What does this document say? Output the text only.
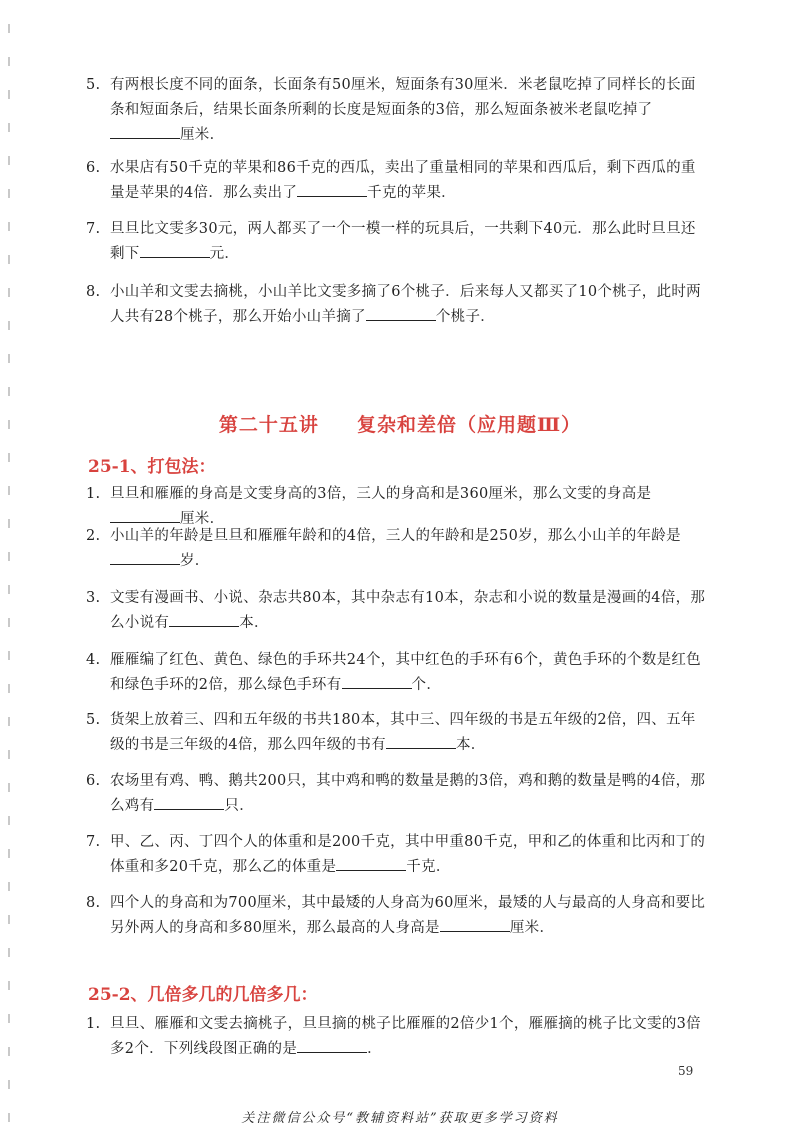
5. 有两根长度不同的面条，长面条有50厘米，短面条有30厘米．米老鼠吃掉了同样长的长面条和短面条后，结果长面条所剩的长度是短面条的3倍，那么短面条被米老鼠吃掉了厘米．
6. 水果店有50千克的苹果和86千克的西瓜，卖出了重量相同的苹果和西瓜后，剩下西瓜的重量是苹果的4倍．那么卖出了	千克的苹果．
7. 旦旦比文雯多30元，两人都买了一个一模一样的玩具后，一共剩下40元．那么此时旦旦还剩下	元．
8. 小山羊和文雯去摘桃，小山羊比文雯多摘了6个桃子．后来每人又都买了10个桃子，此时两人共有28个桃子，那么开始小山羊摘了	个桃子．
第二十五讲 复杂和差倍（应用题Ⅲ）
25-1、打包法：
1. 旦旦和雁雁的身高是文雯身高的3倍，三人的身高和是360厘米，那么文雯的身高是厘米．
2. 小山羊的年龄是旦旦和雁雁年龄和的4倍，三人的年龄和是250岁，那么小山羊的年龄是岁．
3. 文雯有漫画书、小说、杂志共80本，其中杂志有10本，杂志和小说的数量是漫画的4倍，那么小说有	本．
4. 雁雁编了红色、黄色、绿色的手环共24个，其中红色的手环有6个，黄色手环的个数是红色和绿色手环的2倍，那么绿色手环有	个．
5. 货架上放着三、四和五年级的书共180本，其中三、四年级的书是五年级的2倍，四、五年级的书是三年级的4倍，那么四年级的书有	本．
6. 农场里有鸡、鸭、鹅共200只，其中鸡和鸭的数量是鹅的3倍，鸡和鹅的数量是鸭的4倍，那么鸡有	只．
7. 甲、乙、丙、丁四个人的体重和是200千克，其中甲重80千克，甲和乙的体重和比丙和丁的体重和多20千克，那么乙的体重是	千克．
8. 四个人的身高和为700厘米，其中最矮的人身高为60厘米，最矮的人与最高的人身高和要比另外两人的身高和多80厘米，那么最高的人身高是	厘米．
25-2、几倍多几的几倍多几：
1. 旦旦、雁雁和文雯去摘桃子，旦旦摘的桃子比雁雁的2倍少1个，雁雁摘的桃子比文雯的3倍多2个．下列线段图正确的是	．
59
关注微信公众号“教辅资料站”获取更多学习资料
